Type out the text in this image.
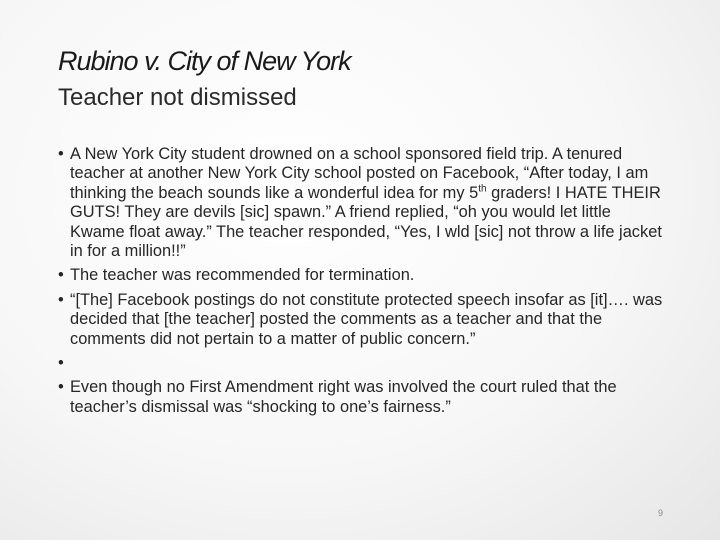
Rubino v. City of New York
Teacher not dismissed
• A New York City student drowned on a school sponsored field trip. A tenured teacher at another New York City school posted on Facebook, “After today, I am thinking the beach sounds like a wonderful idea for my 5th graders! I HATE THEIR GUTS! They are devils [sic] spawn.” A friend replied, “oh you would let little Kwame float away.” The teacher responded, “Yes, I wld [sic] not throw a life jacket in for a million!!”
• The teacher was recommended for termination.
• “[The] Facebook postings do not constitute protected speech insofar as [it]…. was decided that [the teacher] posted the comments as a teacher and that the comments did not pertain to a matter of public concern.”
•

• Even though no First Amendment right was involved the court ruled that the teacher’s dismissal was “shocking to one’s fairness.”
9
